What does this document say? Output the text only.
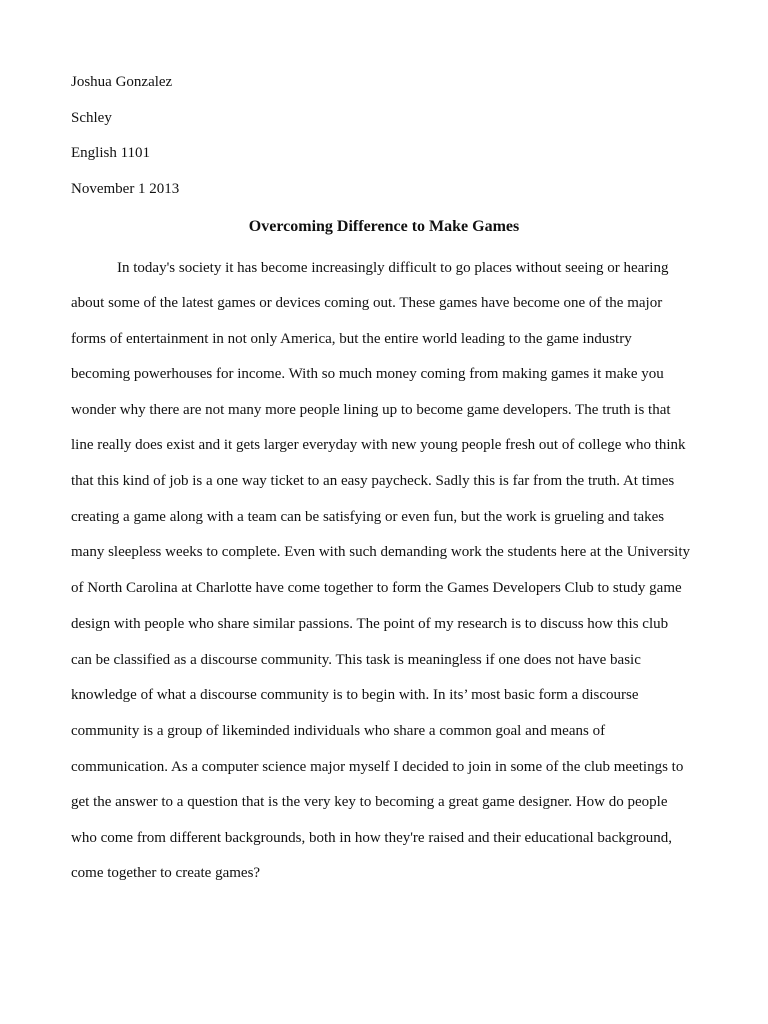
Joshua Gonzalez
Schley
English 1101
November 1 2013
Overcoming Difference to Make Games
In today's society it has become increasingly difficult to go places without seeing or hearing
about some of the latest games or devices coming out. These games have become one of the major
forms of entertainment in not only America, but the entire world leading to the game industry
becoming powerhouses for income. With so much money coming from making games it make you
wonder why there are not many more people lining up to become game developers. The truth is that
line really does exist and it gets larger everyday with new young people fresh out of college who think
that this kind of job is a one way ticket to an easy paycheck. Sadly this is far from the truth. At times
creating a game along with a team can be satisfying or even fun, but the work is grueling and takes
many sleepless weeks to complete. Even with such demanding work the students here at the University
of North Carolina at Charlotte have come together to form the Games Developers Club to study game
design with people who share similar passions. The point of my research is to discuss how this club
can be classified as a discourse community. This task is meaningless if one does not have basic
knowledge of what a discourse community is to begin with. In its’ most basic form a discourse
community is a group of likeminded individuals who share a common goal and means of
communication. As a computer science major myself I decided to join in some of the club meetings to
get the answer to a question that is the very key to becoming a great game designer. How do people
who come from different backgrounds, both in how they're raised and their educational background,
come together to create games?
